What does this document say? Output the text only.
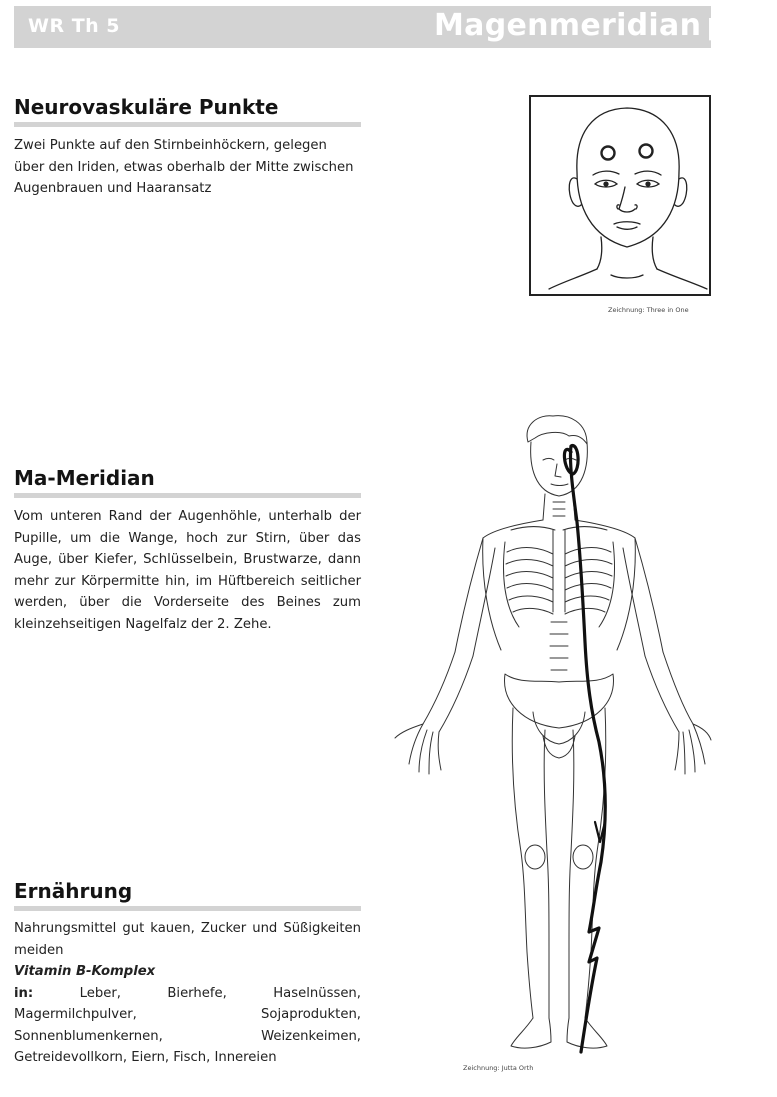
WR Th 5	Magenmeridian | 8 Uhr
Neurovaskuläre Punkte
Zwei Punkte auf den Stirnbeinhöckern, gelegen über den Iriden, etwas oberhalb der Mitte zwischen Augenbrauen und Haaransatz
Zeichnung: Three in One
Ma-Meridian
Vom unteren Rand der Augenhöhle, unterhalb der Pupille, um die Wange, hoch zur Stirn, über das Auge, über Kiefer, Schlüsselbein, Brustwarze, dann mehr zur Körpermitte hin, im Hüftbereich seitlicher werden, über die Vorderseite des Beines zum kleinzehseitigen Nagelfalz der 2. Zehe.
Zeichnung: Jutta Orth
Ernährung
Nahrungsmittel gut kauen, Zucker und Süßigkeiten meiden
Vitamin B-Komplex
in:	Leber, Bierhefe, Haselnüssen, Magermilchpulver, Sojaprodukten, Sonnenblumenkernen, Weizenkeimen, Getreidevollkorn, Eiern, Fisch, Innereien
